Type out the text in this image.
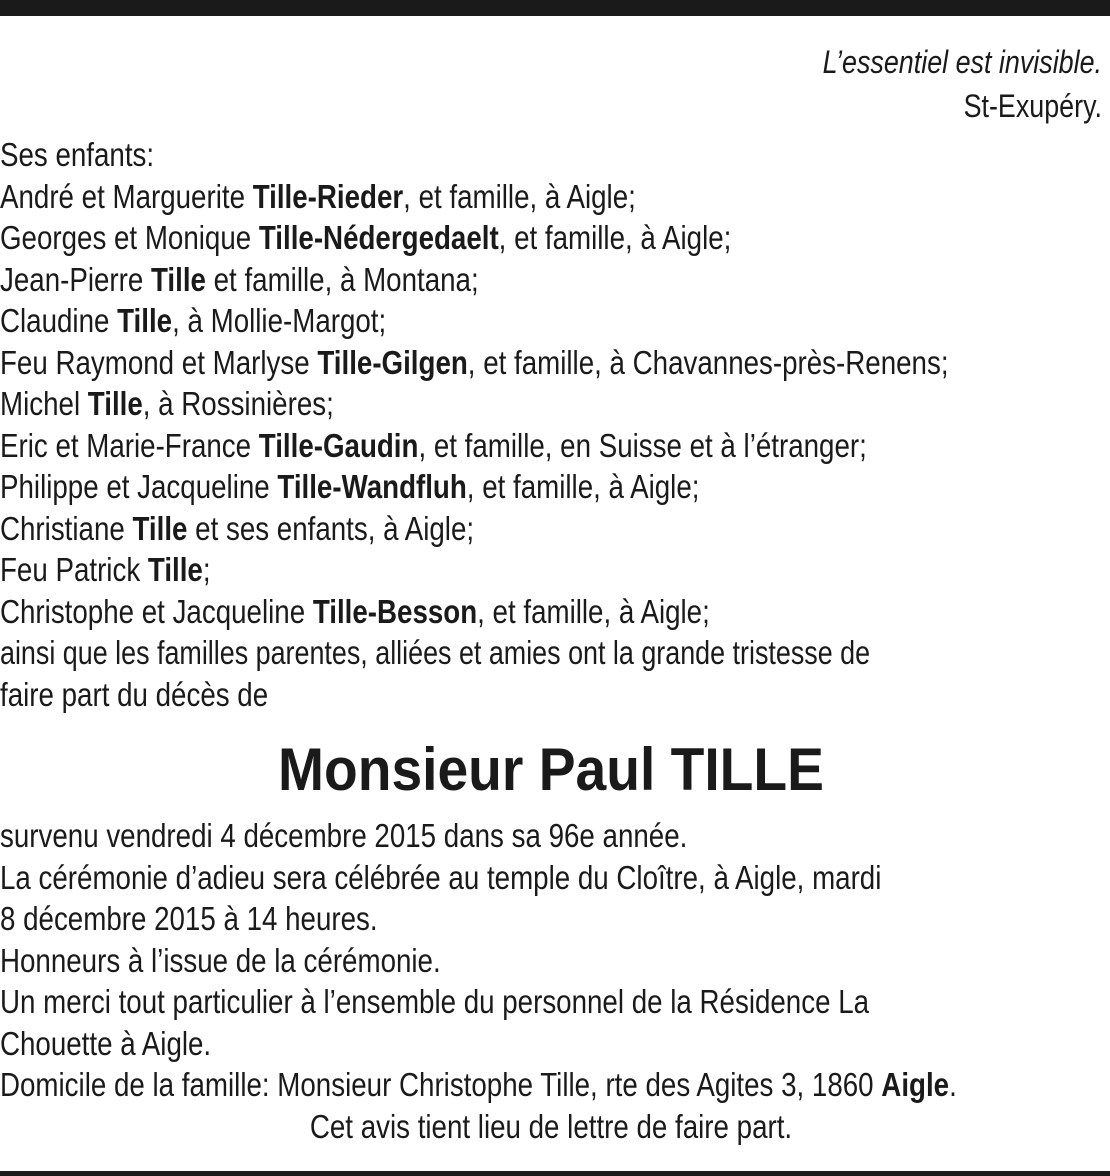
L’essentiel est invisible.
St-Exupéry.
Ses enfants:
André et Marguerite Tille-Rieder, et famille, à Aigle;
Georges et Monique Tille-Nédergedaelt, et famille, à Aigle;
Jean-Pierre Tille et famille, à Montana;
Claudine Tille, à Mollie-Margot;
Feu Raymond et Marlyse Tille-Gilgen, et famille, à Chavannes-près-Renens;
Michel Tille, à Rossinières;
Eric et Marie-France Tille-Gaudin, et famille, en Suisse et à l’étranger;
Philippe et Jacqueline Tille-Wandfluh, et famille, à Aigle;
Christiane Tille et ses enfants, à Aigle;
Feu Patrick Tille;
Christophe et Jacqueline Tille-Besson, et famille, à Aigle;
ainsi que les familles parentes, alliées et amies ont la grande tristesse de
faire part du décès de
Monsieur Paul TILLE
survenu vendredi 4 décembre 2015 dans sa 96e année.
La cérémonie d’adieu sera célébrée au temple du Cloître, à Aigle, mardi
8 décembre 2015 à 14 heures.
Honneurs à l’issue de la cérémonie.
Un merci tout particulier à l’ensemble du personnel de la Résidence La
Chouette à Aigle.
Domicile de la famille: Monsieur Christophe Tille, rte des Agites 3, 1860 Aigle.
Cet avis tient lieu de lettre de faire part.
